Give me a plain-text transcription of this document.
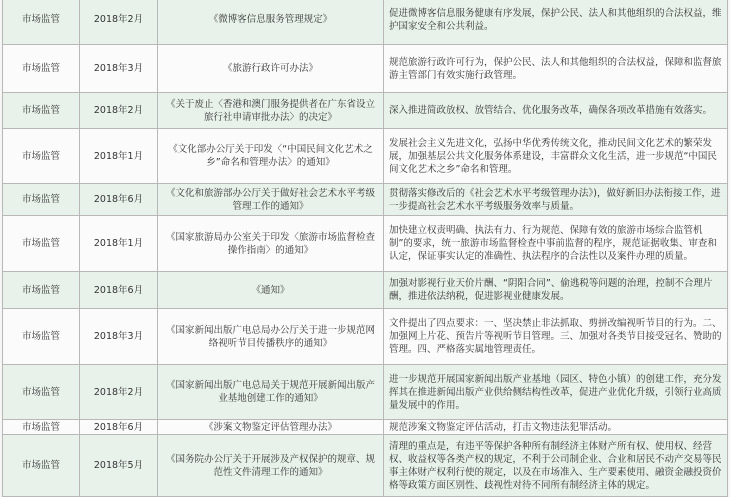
市场监管	2018年2月	《微博客信息服务管理规定》	促进微博客信息服务健康有序发展，保护公民、法人和其他组织的合法权益，维护国家安全和公共利益。
市场监管	2018年3月	《旅游行政许可办法》	规范旅游行政许可行为，保护公民、法人和其他组织的合法权益，保障和监督旅游主管部门有效实施行政管理。
市场监管	2018年2月	《关于废止〈香港和澳门服务提供者在广东省设立旅行社申请审批办法〉的决定》	深入推进简政放权、放管结合、优化服务改革，确保各项改革措施有效落实。
市场监管	2018年1月	《文化部办公厅关于印发〈“中国民间文化艺术之乡”命名和管理办法〉的通知》	发展社会主义先进文化，弘扬中华优秀传统文化，推动民间文化艺术的繁荣发展，加强基层公共文化服务体系建设，丰富群众文化生活，进一步规范“中国民间文化艺术之乡”命名和管理。
市场监管	2018年6月	《文化和旅游部办公厅关于做好社会艺术水平考级管理工作的通知》	贯彻落实修改后的《社会艺术水平考级管理办法》)，做好新旧办法衔接工作，进一步提高社会艺术水平考级服务效率与质量。
市场监管	2018年1月	《国家旅游局办公室关于印发〈旅游市场监督检查操作指南〉的通知》	加快建立权责明确、执法有力、行为规范、保障有效的旅游市场综合监管机制”的要求，统一旅游市场监督检查中事前监督的程序，规范证据收集、审查和认定，保证事实认定的准确性、执法程序的合法性以及案件办理的质量。
市场监管	2018年6月	《通知》	加强对影视行业天价片酬、“阴阳合同”、偷逃税等问题的治理，控制不合理片酬，推进依法纳税，促进影视业健康发展。
市场监管	2018年3月	《国家新闻出版广电总局办公厅关于进一步规范网络视听节目传播秩序的通知》	文件提出了四点要求：一、坚决禁止非法抓取、剪拼改编视听节目的行为。二、加强网上片花、预告片等视听节目管理。三、加强对各类节目接受冠名、赞助的管理。四、严格落实属地管理责任。
市场监管	2018年2月	《国家新闻出版广电总局关于规范开展新闻出版产业基地创建工作的通知》	进一步规范开展国家新闻出版产业基地（园区、特色小镇）的创建工作，充分发挥其在推进新闻出版产业供给侧结构性改革，促进产业优化升级，引领行业高质量发展中的作用。
市场监管	2018年6月	《涉案文物鉴定评估管理办法》	规范涉案文物鉴定评估活动，打击文物违法犯罪活动。
市场监管	2018年5月	《国务院办公厅关于开展涉及产权保护的规章、规范性文件清理工作的通知》	清理的重点是，有违平等保护各种所有制经济主体财产所有权、使用权、经营权、收益权等各类产权的规定，不利于公司制企业、合业和居民不动产交易等民事主体财产权利行使的规定，以及在市场准入、生产要素使用、融资金融投资价格等政策方面区别性、歧视性对待不同所有制经济主体的规定。
